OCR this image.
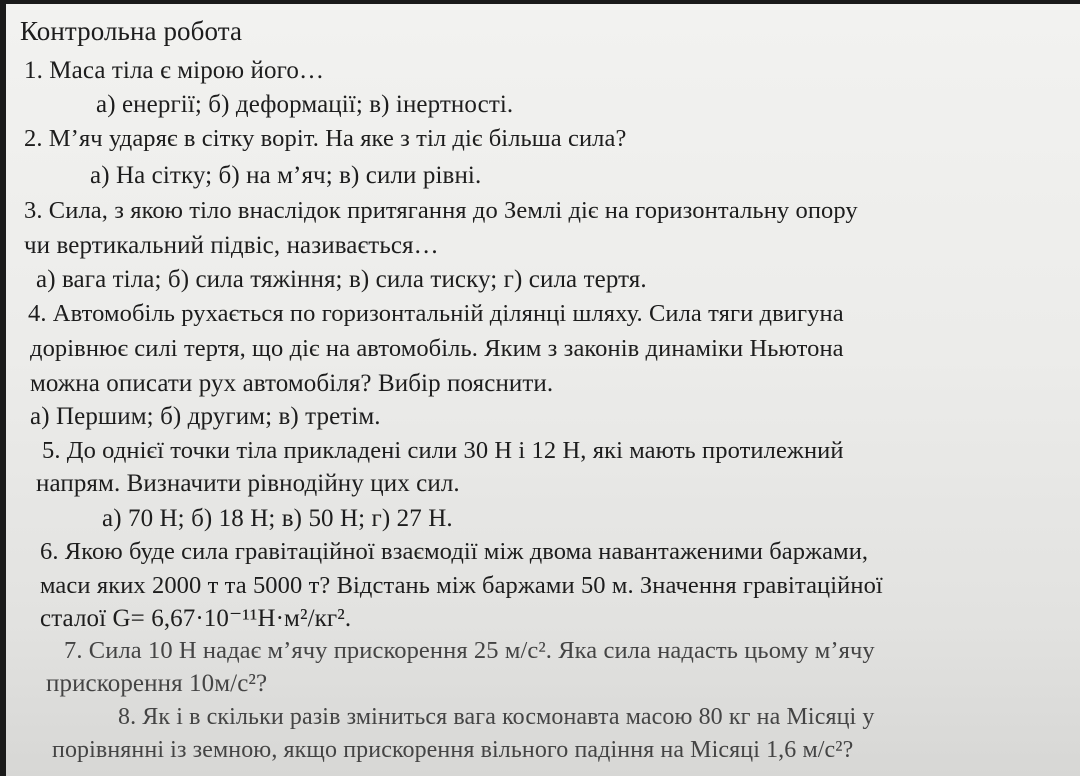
Контрольна робота
1. Маса тіла є мірою його…
а) енергії; б) деформації; в) інертності.
2. М’яч ударяє в сітку воріт. На яке з тіл діє більша сила?
а) На сітку; б) на м’яч; в) сили рівні.
3. Сила, з якою тіло внаслідок притягання до Землі діє на горизонтальну опору
чи вертикальний підвіс, називається…
а) вага тіла; б) сила тяжіння; в) сила тиску; г) сила тертя.
4. Автомобіль рухається по горизонтальній ділянці шляху. Сила тяги двигуна
дорівнює силі тертя, що діє на автомобіль. Яким з законів динаміки Ньютона
можна описати рух автомобіля? Вибір пояснити.
а) Першим; б) другим; в) третім.
5. До однієї точки тіла прикладені сили 30 Н і 12 Н, які мають протилежний
напрям. Визначити рівнодійну цих сил.
а) 70 Н; б) 18 Н; в) 50 Н; г) 27 Н.
6. Якою буде сила гравітаційної взаємодії між двома навантаженими баржами,
маси яких 2000 т та 5000 т? Відстань між баржами 50 м. Значення гравітаційної
сталої G= 6,67·10⁻¹¹Н·м²/кг².
7. Сила 10 Н надає м’ячу прискорення 25 м/с². Яка сила надасть цьому м’ячу
прискорення 10м/с²?
8. Як і в скільки разів зміниться вага космонавта масою 80 кг на Місяці у
порівнянні із земною, якщо прискорення вільного падіння на Місяці 1,6 м/с²?
